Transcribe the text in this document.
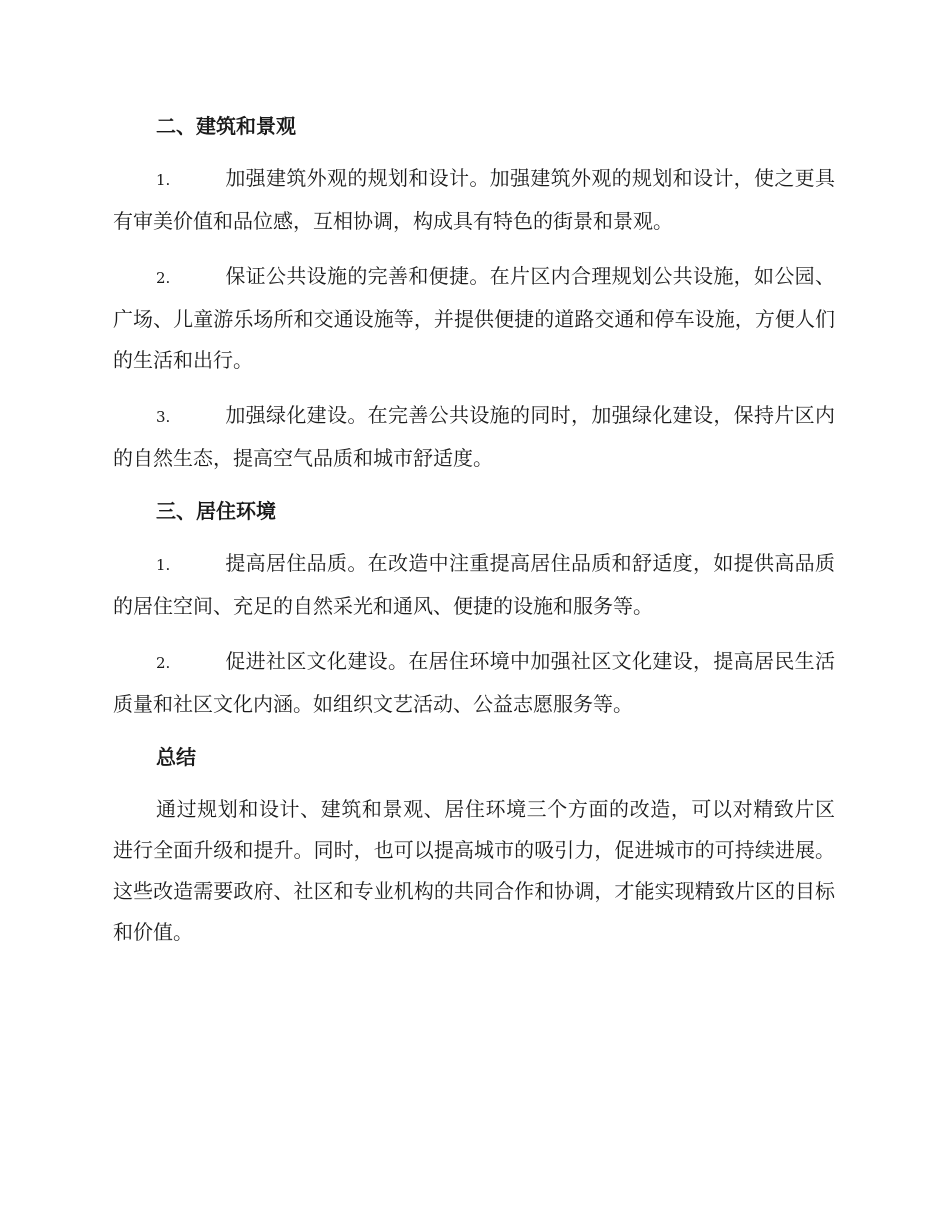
二、建筑和景观
1.	加强建筑外观的规划和设计。加强建筑外观的规划和设计，使之更具有审美价值和品位感，互相协调，构成具有特色的街景和景观。
2.	保证公共设施的完善和便捷。在片区内合理规划公共设施，如公园、广场、儿童游乐场所和交通设施等，并提供便捷的道路交通和停车设施，方便人们的生活和出行。
3.	加强绿化建设。在完善公共设施的同时，加强绿化建设，保持片区内的自然生态，提高空气品质和城市舒适度。
三、居住环境
1.	提高居住品质。在改造中注重提高居住品质和舒适度，如提供高品质的居住空间、充足的自然采光和通风、便捷的设施和服务等。
2.	促进社区文化建设。在居住环境中加强社区文化建设，提高居民生活质量和社区文化内涵。如组织文艺活动、公益志愿服务等。
总结
通过规划和设计、建筑和景观、居住环境三个方面的改造，可以对精致片区进行全面升级和提升。同时，也可以提高城市的吸引力，促进城市的可持续进展。这些改造需要政府、社区和专业机构的共同合作和协调，才能实现精致片区的目标和价值。
